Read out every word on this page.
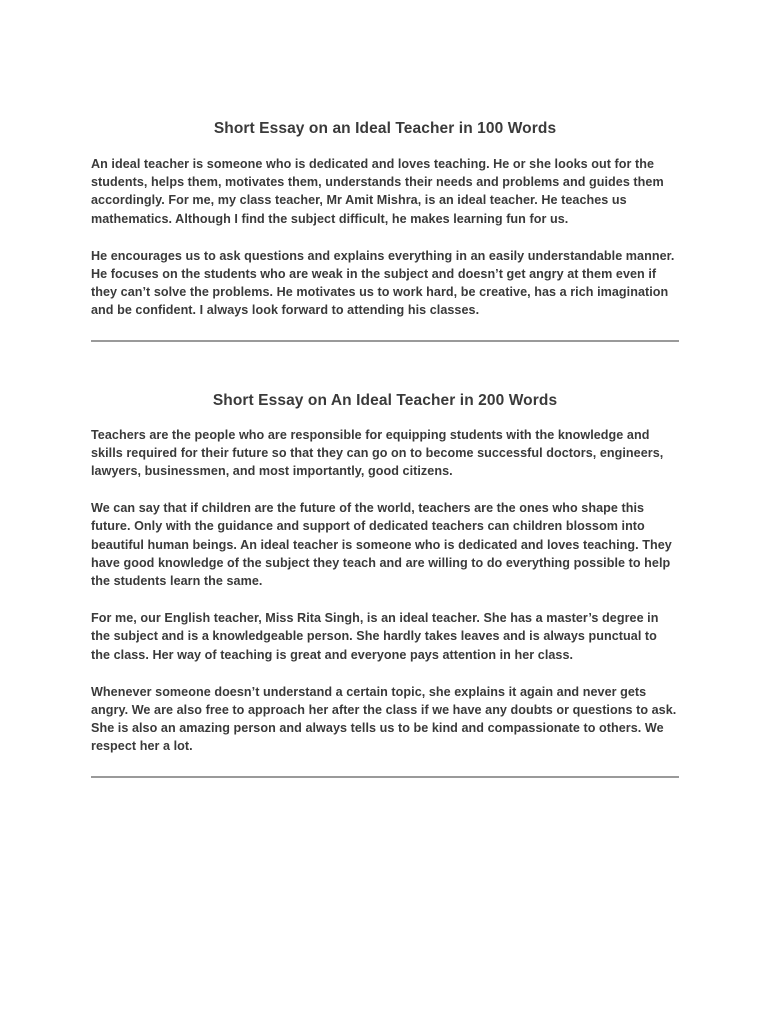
Short Essay on an Ideal Teacher in 100 Words

An ideal teacher is someone who is dedicated and loves teaching. He or she looks out for the students, helps them, motivates them, understands their needs and problems and guides them accordingly. For me, my class teacher, Mr Amit Mishra, is an ideal teacher. He teaches us mathematics. Although I find the subject difficult, he makes learning fun for us.

He encourages us to ask questions and explains everything in an easily understandable manner. He focuses on the students who are weak in the subject and doesn’t get angry at them even if they can’t solve the problems. He motivates us to work hard, be creative, has a rich imagination and be confident. I always look forward to attending his classes.

Short Essay on An Ideal Teacher in 200 Words

Teachers are the people who are responsible for equipping students with the knowledge and skills required for their future so that they can go on to become successful doctors, engineers, lawyers, businessmen, and most importantly, good citizens.

We can say that if children are the future of the world, teachers are the ones who shape this future. Only with the guidance and support of dedicated teachers can children blossom into beautiful human beings. An ideal teacher is someone who is dedicated and loves teaching. They have good knowledge of the subject they teach and are willing to do everything possible to help the students learn the same.

For me, our English teacher, Miss Rita Singh, is an ideal teacher. She has a master’s degree in the subject and is a knowledgeable person. She hardly takes leaves and is always punctual to the class. Her way of teaching is great and everyone pays attention in her class.

Whenever someone doesn’t understand a certain topic, she explains it again and never gets angry. We are also free to approach her after the class if we have any doubts or questions to ask. She is also an amazing person and always tells us to be kind and compassionate to others. We respect her a lot.
